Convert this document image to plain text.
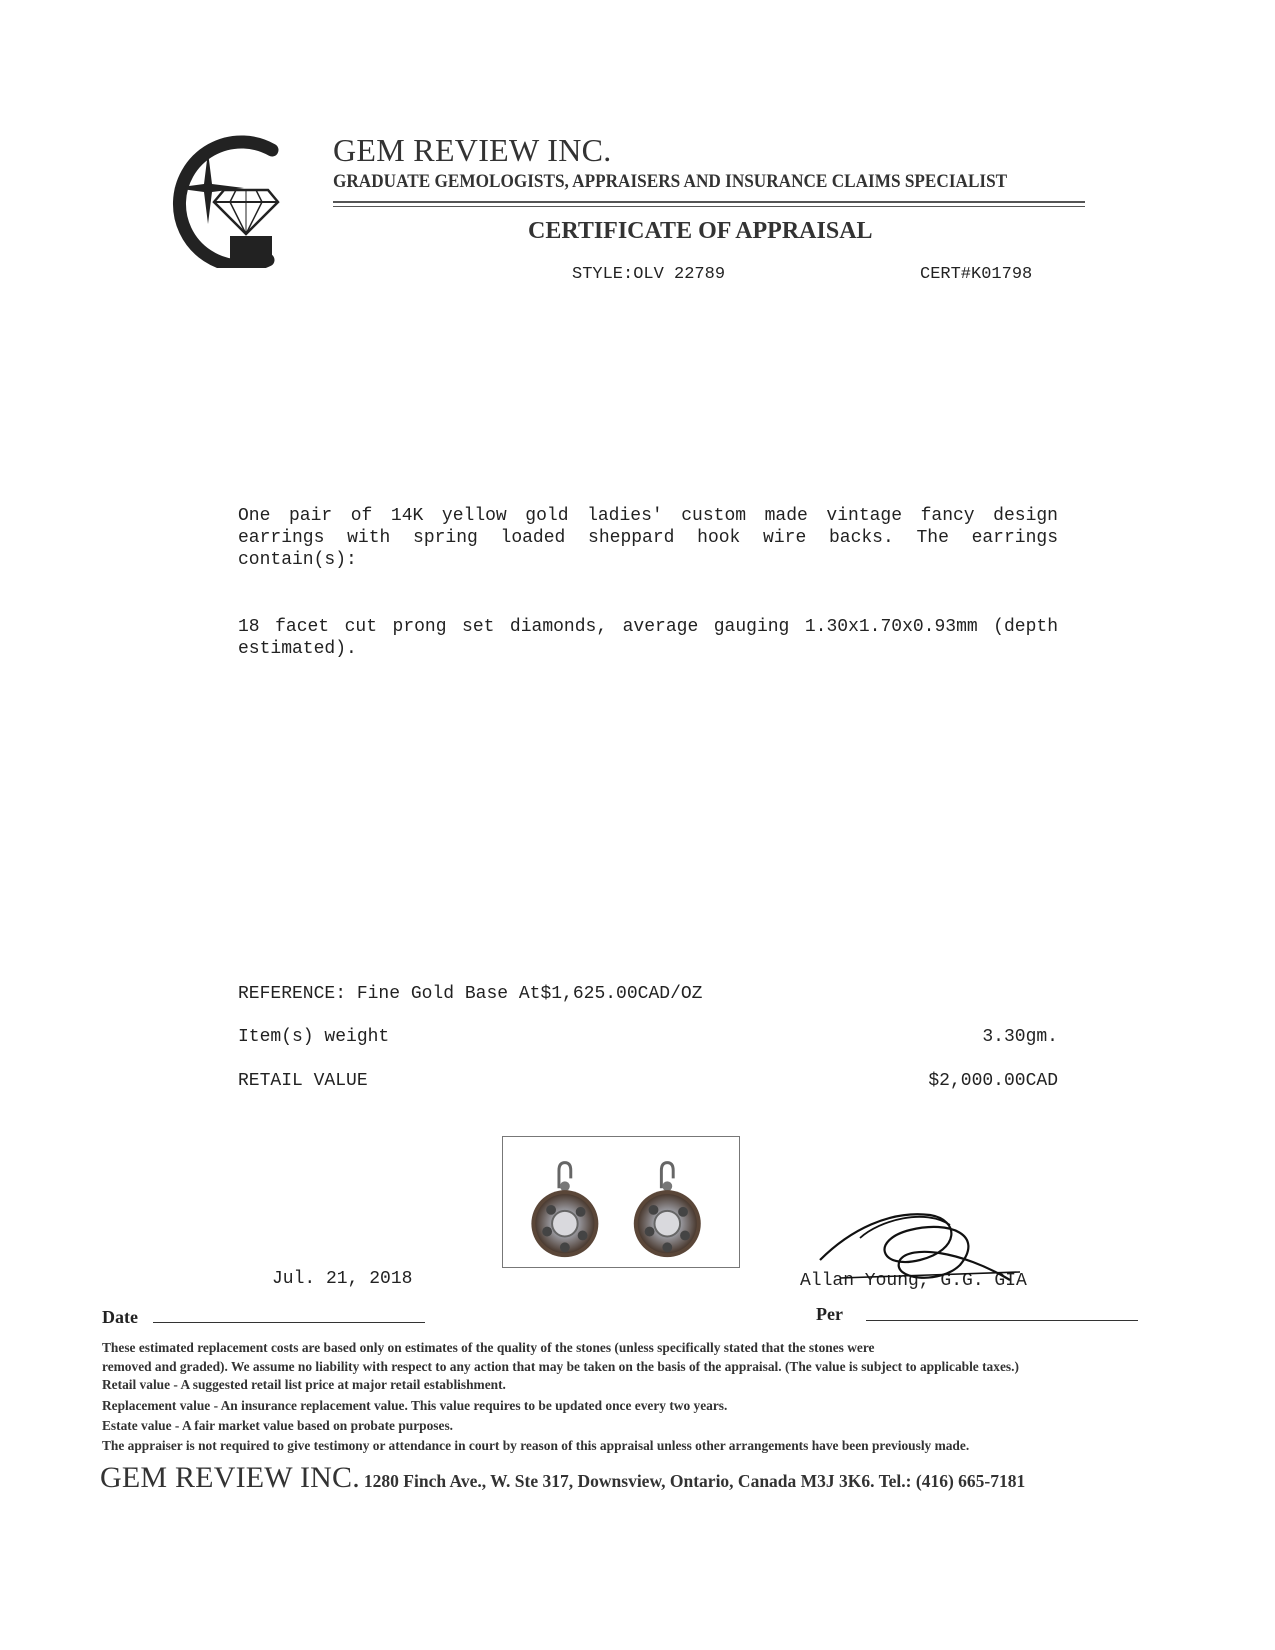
GEM REVIEW INC.
GRADUATE GEMOLOGISTS, APPRAISERS AND INSURANCE CLAIMS SPECIALIST
CERTIFICATE OF APPRAISAL
STYLE:OLV 22789	CERT#K01798
One pair of 14K yellow gold ladies' custom made vintage fancy design earrings with spring loaded sheppard hook wire backs. The earrings contain(s):
18 facet cut prong set diamonds, average gauging 1.30x1.70x0.93mm (depth estimated).
REFERENCE: Fine Gold Base At$1,625.00CAD/OZ
Item(s) weight	3.30gm.
RETAIL VALUE	$2,000.00CAD
Jul. 21, 2018	Allan Young, G.G. GIA
Date	Per
These estimated replacement costs are based only on estimates of the quality of the stones (unless specifically stated that the stones were
removed and graded). We assume no liability with respect to any action that may be taken on the basis of the appraisal. (The value is subject to applicable taxes.)
Retail value - A suggested retail list price at major retail establishment.
Replacement value - An insurance replacement value. This value requires to be updated once every two years.
Estate value - A fair market value based on probate purposes.
The appraiser is not required to give testimony or attendance in court by reason of this appraisal unless other arrangements have been previously made.
GEM REVIEW INC. 1280 Finch Ave., W. Ste 317, Downsview, Ontario, Canada M3J 3K6. Tel.: (416) 665-7181
